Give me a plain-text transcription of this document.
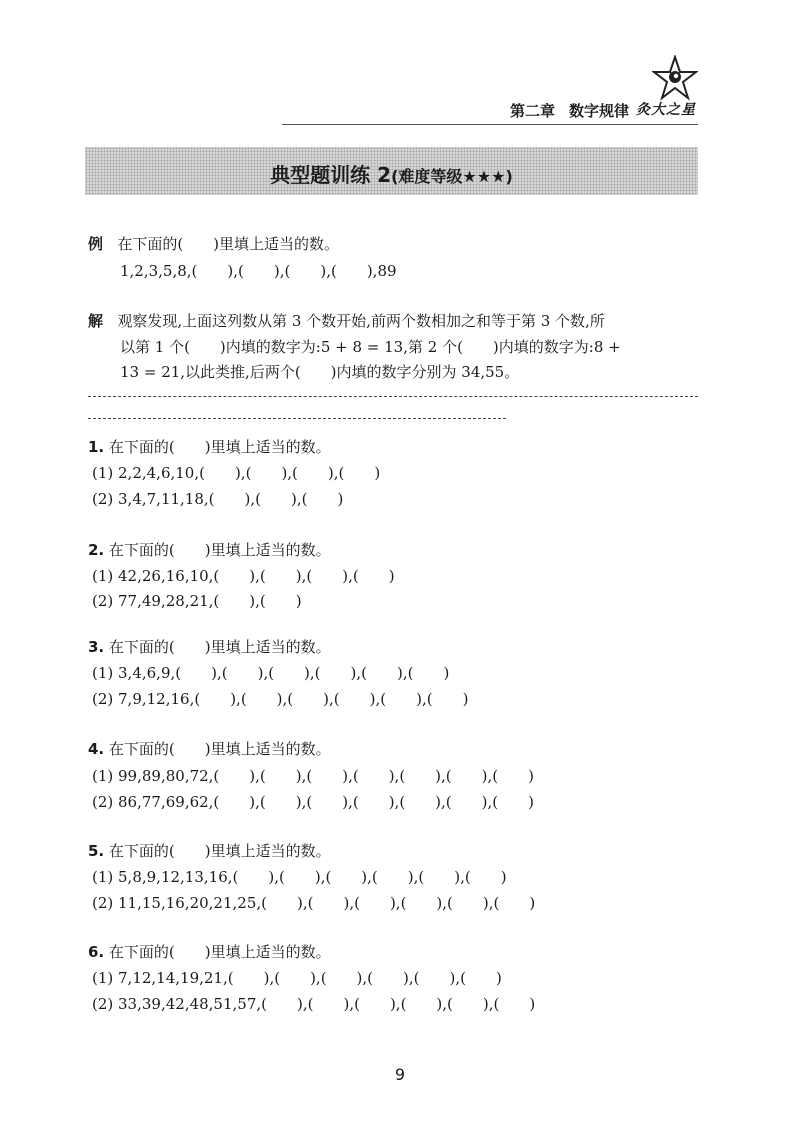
第二章 数字规律 灸大之星
典型题训练 2(难度等级★★★)
例 在下面的(　　)里填上适当的数。
1,2,3,5,8,(　　),(　　),(　　),(　　),89
解 观察发现,上面这列数从第 3 个数开始,前两个数相加之和等于第 3 个数,所
以第 1 个(　　)内填的数字为:5 + 8 = 13,第 2 个(　　)内填的数字为:8 +
13 = 21,以此类推,后两个(　　)内填的数字分别为 34,55。
1. 在下面的(　　)里填上适当的数。
(1) 2,2,4,6,10,(　　),(　　),(　　),(　　)
(2) 3,4,7,11,18,(　　),(　　),(　　)
2. 在下面的(　　)里填上适当的数。
(1) 42,26,16,10,(　　),(　　),(　　),(　　)
(2) 77,49,28,21,(　　),(　　)
3. 在下面的(　　)里填上适当的数。
(1) 3,4,6,9,(　　),(　　),(　　),(　　),(　　),(　　)
(2) 7,9,12,16,(　　),(　　),(　　),(　　),(　　),(　　)
4. 在下面的(　　)里填上适当的数。
(1) 99,89,80,72,(　　),(　　),(　　),(　　),(　　),(　　),(　　)
(2) 86,77,69,62,(　　),(　　),(　　),(　　),(　　),(　　),(　　)
5. 在下面的(　　)里填上适当的数。
(1) 5,8,9,12,13,16,(　　),(　　),(　　),(　　),(　　),(　　)
(2) 11,15,16,20,21,25,(　　),(　　),(　　),(　　),(　　),(　　)
6. 在下面的(　　)里填上适当的数。
(1) 7,12,14,19,21,(　　),(　　),(　　),(　　),(　　),(　　)
(2) 33,39,42,48,51,57,(　　),(　　),(　　),(　　),(　　),(　　)
9
